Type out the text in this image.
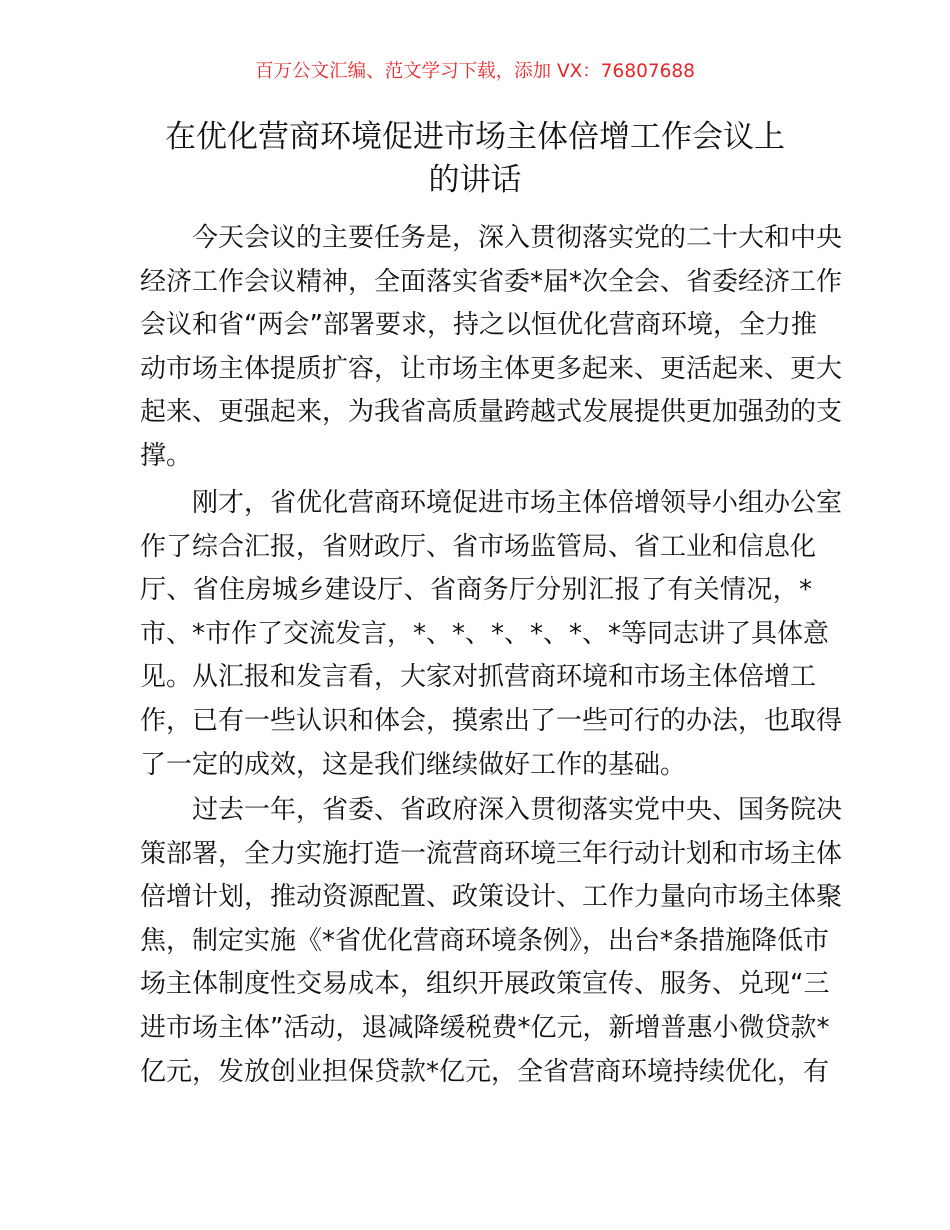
百万公文汇编、范文学习下载，添加 VX：76807688
在优化营商环境促进市场主体倍增工作会议上
的讲话
今天会议的主要任务是，深入贯彻落实党的二十大和中央
经济工作会议精神，全面落实省委*届*次全会、省委经济工作
会议和省“两会”部署要求，持之以恒优化营商环境，全力推
动市场主体提质扩容，让市场主体更多起来、更活起来、更大
起来、更强起来，为我省高质量跨越式发展提供更加强劲的支
撑。
刚才，省优化营商环境促进市场主体倍增领导小组办公室
作了综合汇报，省财政厅、省市场监管局、省工业和信息化
厅、省住房城乡建设厅、省商务厅分别汇报了有关情况，*
市、*市作了交流发言，*、*、*、*、*、*等同志讲了具体意
见。从汇报和发言看，大家对抓营商环境和市场主体倍增工
作，已有一些认识和体会，摸索出了一些可行的办法，也取得
了一定的成效，这是我们继续做好工作的基础。
过去一年，省委、省政府深入贯彻落实党中央、国务院决
策部署，全力实施打造一流营商环境三年行动计划和市场主体
倍增计划，推动资源配置、政策设计、工作力量向市场主体聚
焦，制定实施《*省优化营商环境条例》，出台*条措施降低市
场主体制度性交易成本，组织开展政策宣传、服务、兑现“三
进市场主体”活动，退减降缓税费*亿元，新增普惠小微贷款*
亿元，发放创业担保贷款*亿元，全省营商环境持续优化，有
